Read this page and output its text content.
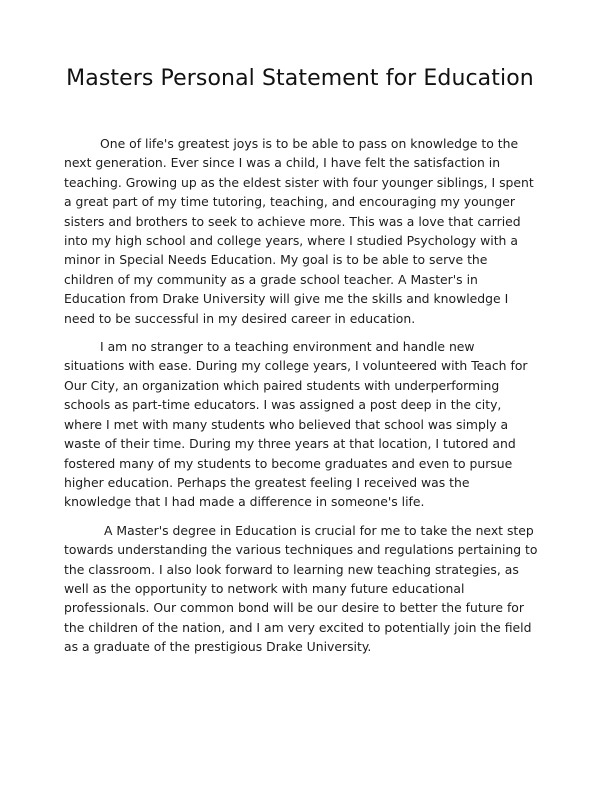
Masters Personal Statement for Education

One of life's greatest joys is to be able to pass on knowledge to the next generation. Ever since I was a child, I have felt the satisfaction in teaching. Growing up as the eldest sister with four younger siblings, I spent a great part of my time tutoring, teaching, and encouraging my younger sisters and brothers to seek to achieve more. This was a love that carried into my high school and college years, where I studied Psychology with a minor in Special Needs Education. My goal is to be able to serve the children of my community as a grade school teacher. A Master's in Education from Drake University will give me the skills and knowledge I need to be successful in my desired career in education.

I am no stranger to a teaching environment and handle new situations with ease. During my college years, I volunteered with Teach for Our City, an organization which paired students with underperforming schools as part-time educators. I was assigned a post deep in the city, where I met with many students who believed that school was simply a waste of their time. During my three years at that location, I tutored and fostered many of my students to become graduates and even to pursue higher education. Perhaps the greatest feeling I received was the knowledge that I had made a difference in someone's life.

A Master's degree in Education is crucial for me to take the next step towards understanding the various techniques and regulations pertaining to the classroom. I also look forward to learning new teaching strategies, as well as the opportunity to network with many future educational professionals. Our common bond will be our desire to better the future for the children of the nation, and I am very excited to potentially join the field as a graduate of the prestigious Drake University.
